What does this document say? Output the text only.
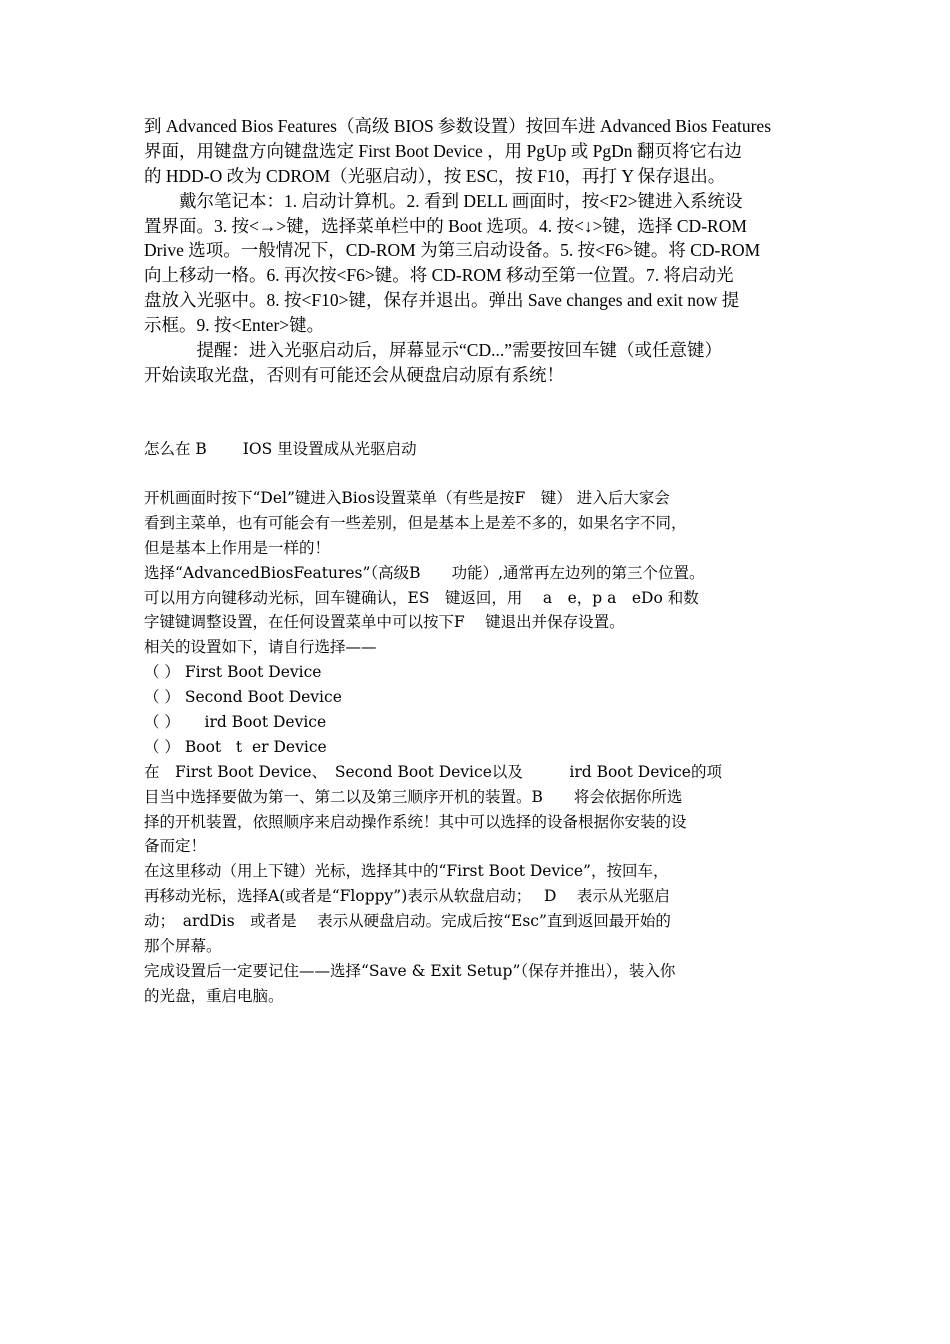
到 Advanced Bios Features（高级 BIOS 参数设置）按回车进 Advanced Bios Features
界面，用键盘方向键盘选定 First Boot Device ，用 PgUp 或 PgDn 翻页将它右边
的 HDD-O 改为 CDROM（光驱启动），按 ESC，按 F10，再打 Y 保存退出。
　　戴尔笔记本：1. 启动计算机。2. 看到 DELL 画面时，按<F2>键进入系统设
置界面。3. 按<→>键，选择菜单栏中的 Boot 选项。4. 按<↓>键，选择 CD-ROM
Drive 选项。一般情况下，CD-ROM 为第三启动设备。5. 按<F6>键。将 CD-ROM
向上移动一格。6. 再次按<F6>键。将 CD-ROM 移动至第一位置。7. 将启动光
盘放入光驱中。8. 按<F10>键，保存并退出。弹出 Save changes and exit now 提
示框。9. 按<Enter>键。
　　　提醒：进入光驱启动后，屏幕显示“CD...”需要按回车键（或任意键）
开始读取光盘，否则有可能还会从硬盘启动原有系统！
怎么在 B　　 IOS 里设置成从光驱启动
开机画面时按下“Del”键进入Bios设置菜单（有些是按F　键） 进入后大家会
看到主菜单，也有可能会有一些差别，但是基本上是差不多的，如果名字不同，
但是基本上作用是一样的！
选择“AdvancedBiosFeatures”（高级B　　功能）,通常再左边列的第三个位置。
可以用方向键移动光标，回车键确认，ES　键返回，用　 a　e，p a　eDo 和数
字键键调整设置，在任何设置菜单中可以按下F　 键退出并保存设置。
相关的设置如下，请自行选择——
（ ） First Boot Device
（ ） Second Boot Device
（ ）     ird Boot Device
（ ） Boot   t  er Device
在　First Boot Device、　Second Boot Device以及　　　ird Boot Device的项
目当中选择要做为第一、第二以及第三顺序开机的装置。B　　将会依据你所选
择的开机装置，依照顺序来启动操作系统！其中可以选择的设备根据你安装的设
备而定！
在这里移动（用上下键）光标，选择其中的“First Boot Device”，按回车，
再移动光标，选择A(或者是“Floppy”)表示从软盘启动；　 D　 表示从光驱启
动；　ardDis　或者是　 表示从硬盘启动。完成后按“Esc”直到返回最开始的
那个屏幕。
完成设置后一定要记住——选择“Save & Exit Setup”（保存并推出），装入你
的光盘，重启电脑。
